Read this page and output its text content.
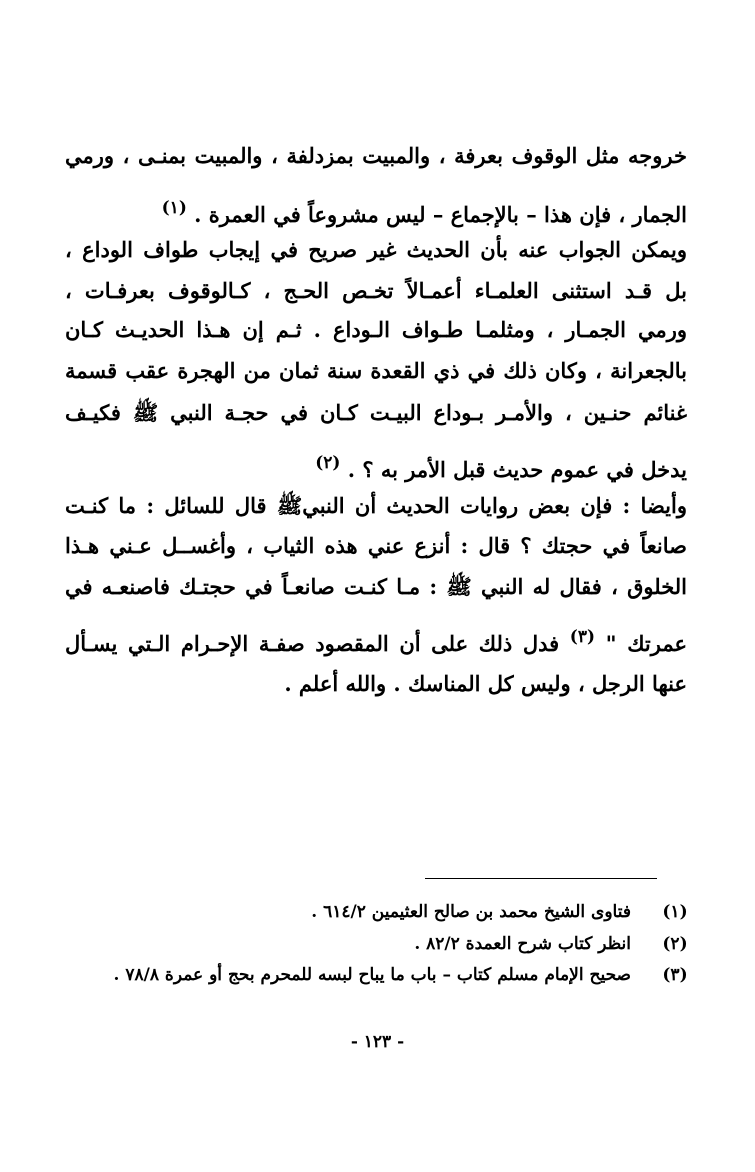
خروجه مثل الوقوف بعرفة ، والمبيت بمزدلفة ، والمبيت بمنـى ، ورمي
الجمار ، فإن هذا – بالإجماع – ليس مشروعاً في العمرة . $^{(١)}$
ويمكن الجواب عنه بأن الحديث غير صريح في إيجاب طواف الوداع ،
بل قـد استثنى العلمـاء أعمـالاً تخـص الحـج ، كـالوقوف بعرفـات ،
ورمي الجمـار ، ومثلمـا طـواف الـوداع . ثـم إن هـذا الحديـث كـان
بالجعرانة ، وكان ذلك في ذي القعدة سنة ثمان من الهجرة عقب قسمة
غنائم حنـين ، والأمـر بـوداع البيـت كـان في حجـة النبي ﷺ فكيـف
يدخل في عموم حديث قبل الأمر به ؟ . $^{(٢)}$
وأيضا : فإن بعض روايات الحديث أن النبيﷺ قال للسائل : ما كنـت
صانعاً في حجتك ؟ قال : أنزع عني هذه الثياب ، وأغســل عـني هـذا
الخلوق ، فقال له النبي ﷺ : مـا كنـت صانعـاً في حجتـك فاصنعـه في
عمرتك " $^{(٣)}$ فدل ذلك على أن المقصود صفـة الإحـرام الـتي يسـأل
عنها الرجل ، وليس كل المناسك . والله أعلم .
(١)فتاوى الشيخ محمد بن صالح العثيمين ٦١٤/٢ .
(٢)انظر كتاب شرح العمدة ٨٢/٢ .
(٣)صحيح الإمام مسلم كتاب – باب ما يباح لبسه للمحرم بحج أو عمرة ٧٨/٨ .
- ١٢٣ -
